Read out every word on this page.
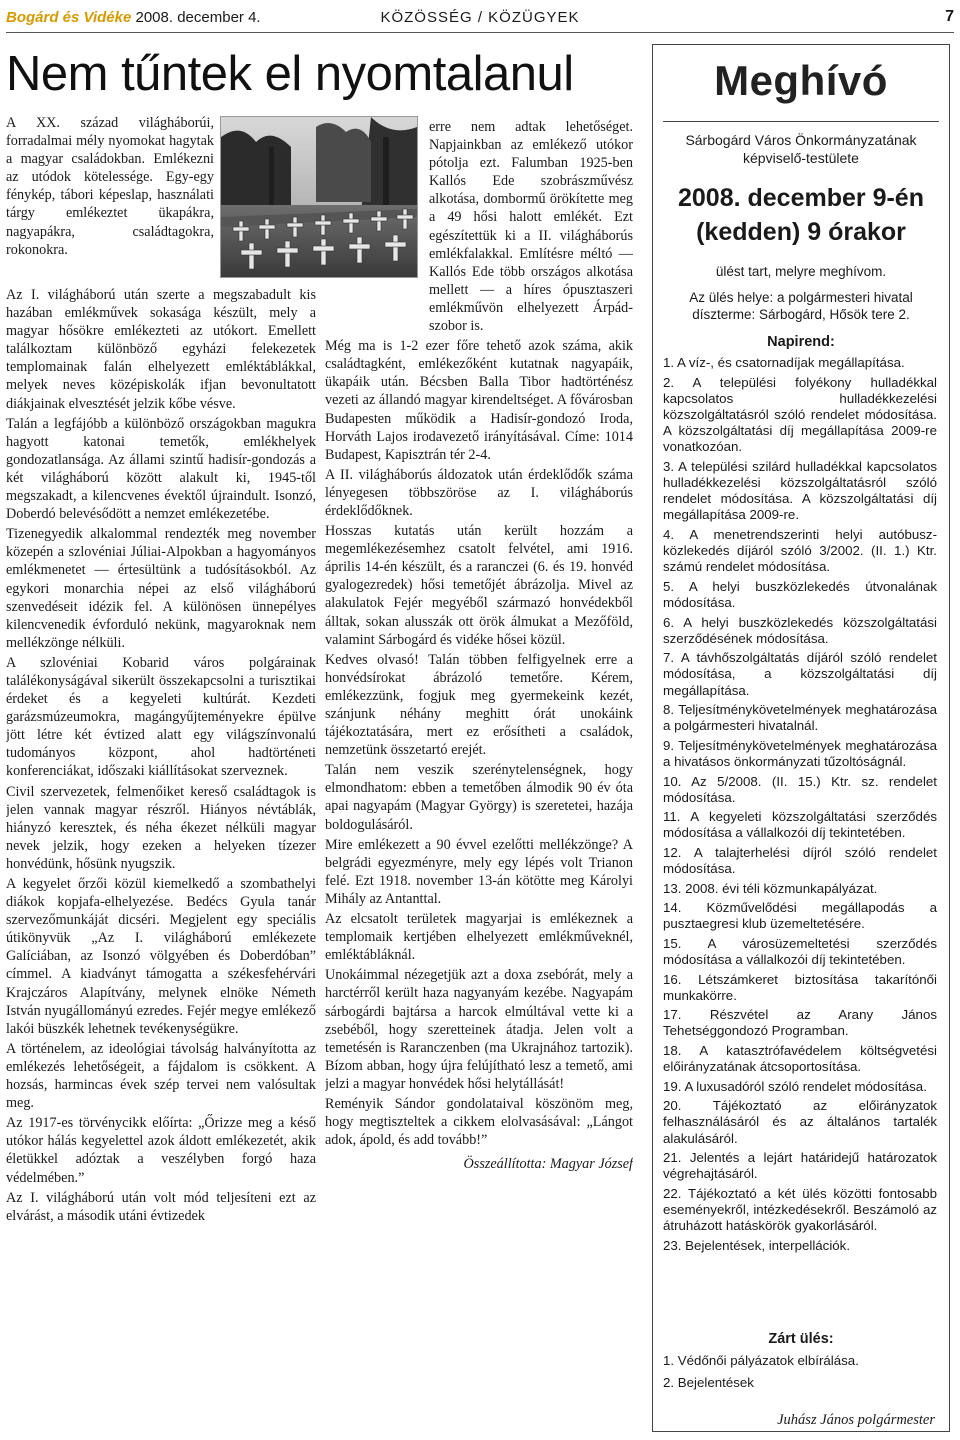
Bogárd és Vidéke 2008. december 4.	KÖZÖSSÉG / KÖZÜGYEK	7
Nem tűntek el nyomtalanul

A XX. század világháborúi, forradalmai mély nyomokat hagytak a magyar családokban. Emlékezni az utódok kötelessége. Egy-egy fénykép, tábori képeslap, használati tárgy emlékeztet ükapákra, nagyapákra, családtagokra, rokonokra.

Az I. világháború után szerte a megszabadult kis hazában emlékművek sokasága készült, mely a magyar hősökre emlékezteti az utókort. Emellett találkoztam különböző egyházi felekezetek templomainak falán elhelyezett emléktáblákkal, melyek neves középiskolák ifjan bevonultatott diákjainak elvesztését jelzik kőbe vésve.

Talán a legfájóbb a különböző országokban magukra hagyott katonai temetők, emlékhelyek gondozatlansága. Az állami szintű hadisír-gondozás a két világháború között alakult ki, 1945-től megszakadt, a kilencvenes évektől újraindult. Isonzó, Doberdó belevésődött a nemzet emlékezetébe.

Tizenegyedik alkalommal rendezték meg november közepén a szlovéniai Júliai-Alpokban a hagyományos emlékmenetet — értesültünk a tudósításokból. Az egykori monarchia népei az első világháború szenvedéseit idézik fel. A különösen ünnepélyes kilencvenedik évforduló nekünk, magyaroknak nem mellékzönge nélküli.

A szlovéniai Kobarid város polgárainak találékonyságával sikerült összekapcsolni a turisztikai érdeket és a kegyeleti kultúrát. Kezdeti garázsmúzeumokra, magángyűjteményekre épülve jött létre két évtized alatt egy világszínvonalú tudományos központ, ahol hadtörténeti konferenciákat, időszaki kiállításokat szerveznek.

Civil szervezetek, felmenőiket kereső családtagok is jelen vannak magyar részről. Hiányos névtáblák, hiányzó keresztek, és néha ékezet nélküli magyar nevek jelzik, hogy ezeken a helyeken tízezer honvédünk, hősünk nyugszik.

A kegyelet őrzői közül kiemelkedő a szombathelyi diákok kopjafa-elhelyezése. Bedécs Gyula tanár szervezőmunkáját dicséri. Megjelent egy speciális útikönyvük „Az I. világháború emlékezete Galíciában, az Isonzó völgyében és Doberdóban” címmel. A kiadványt támogatta a székesfehérvári Krajczáros Alapítvány, melynek elnöke Németh István nyugállományú ezredes. Fejér megye emlékező lakói büszkék lehetnek tevékenységükre.

A történelem, az ideológiai távolság halványította az emlékezés lehetőségeit, a fájdalom is csökkent. A hozsás, harmincas évek szép tervei nem valósultak meg.

Az 1917-es törvénycikk előírta: „Őrizze meg a késő utókor hálás kegyelettel azok áldott emlékezetét, akik életükkel adóztak a veszélyben forgó haza védelmében.”

Az I. világháború után volt mód teljesíteni ezt az elvárást, a második utáni évtizedek

erre nem adtak lehetőséget. Napjainkban az emlékező utókor pótolja ezt. Falumban 1925-ben Kallós Ede szobrászművész alkotása, dombormű örökítette meg a 49 hősi halott emlékét. Ezt egészítettük ki a II. világháborús emlékfalakkal. Említésre méltó — Kallós Ede több országos alkotása mellett — a híres ópusztaszeri emlékművön elhelyezett Árpád-szobor is.

Még ma is 1-2 ezer főre tehető azok száma, akik családtagként, emlékezőként kutatnak nagyapáik, ükapáik után. Bécsben Balla Tibor hadtörténész vezeti az állandó magyar kirendeltséget. A fővárosban Budapesten működik a Hadisír-gondozó Iroda, Horváth Lajos irodavezető irányításával. Címe: 1014 Budapest, Kapisztrán tér 2-4.

A II. világháborús áldozatok után érdeklődők száma lényegesen többszöröse az I. világháborús érdeklődőknek.

Hosszas kutatás után került hozzám a megemlékezésemhez csatolt felvétel, ami 1916. április 14-én készült, és a raranczei (6. és 19. honvéd gyalogezredek) hősi temetőjét ábrázolja. Mivel az alakulatok Fejér megyéből származó honvédekből álltak, sokan alusszák ott örök álmukat a Mezőföld, valamint Sárbogárd és vidéke hősei közül.

Kedves olvasó! Talán többen felfigyelnek erre a honvédsírokat ábrázoló temetőre. Kérem, emlékezzünk, fogjuk meg gyermekeink kezét, szánjunk néhány meghitt órát unokáink tájékoztatására, mert ez erősítheti a családok, nemzetünk összetartó erejét.

Talán nem veszik szerénytelenségnek, hogy elmondhatom: ebben a temetőben álmodik 90 év óta apai nagyapám (Magyar György) is szeretetei, hazája boldogulásáról.

Mire emlékezett a 90 évvel ezelőtti mellékzönge? A belgrádi egyezményre, mely egy lépés volt Trianon felé. Ezt 1918. november 13-án kötötte meg Károlyi Mihály az Antanttal.

Az elcsatolt területek magyarjai is emlékeznek a templomaik kertjében elhelyezett emlékműveknél, emléktábláknál.

Unokáimmal nézegetjük azt a doxa zsebórát, mely a harctérről került haza nagyanyám kezébe. Nagyapám sárbogárdi bajtársa a harcok elmúltával vette ki a zsebéből, hogy szeretteinek átadja. Jelen volt a temetésén is Raranczenben (ma Ukrajnához tartozik). Bízom abban, hogy újra felújítható lesz a temető, ami jelzi a magyar honvédek hősi helytállását!

Reményik Sándor gondolataival köszönöm meg, hogy megtiszteltek a cikkem elolvasásával: „Lángot adok, ápold, és add tovább!”

Összeállította: Magyar József

Meghívó
Sárbogárd Város Önkormányzatának képviselő-testülete
2008. december 9-én (kedden) 9 órakor
ülést tart, melyre meghívom.
Az ülés helye: a polgármesteri hivatal díszterme: Sárbogárd, Hősök tere 2.
Napirend:
1. A víz-, és csatornadíjak megállapítása.
2. A települési folyékony hulladékkal kapcsolatos hulladékkezelési közszolgáltatásról szóló rendelet módosítása. A közszolgáltatási díj megállapítása 2009-re vonatkozóan.
3. A települési szilárd hulladékkal kapcsolatos hulladékkezelési közszolgáltatásról szóló rendelet módosítása. A közszolgáltatási díj megállapítása 2009-re.
4. A menetrendszerinti helyi autóbusz-közlekedés díjáról szóló 3/2002. (II. 1.) Ktr. számú rendelet módosítása.
5. A helyi buszközlekedés útvonalának módosítása.
6. A helyi buszközlekedés közszolgáltatási szerződésének módosítása.
7. A távhőszolgáltatás díjáról szóló rendelet módosítása, a közszolgáltatási díj megállapítása.
8. Teljesítménykövetelmények meghatározása a polgármesteri hivatalnál.
9. Teljesítménykövetelmények meghatározása a hivatásos önkormányzati tűzoltóságnál.
10. Az 5/2008. (II. 15.) Ktr. sz. rendelet módosítása.
11. A kegyeleti közszolgáltatási szerződés módosítása a vállalkozói díj tekintetében.
12. A talajterhelési díjról szóló rendelet módosítása.
13. 2008. évi téli közmunkapályázat.
14. Közművelődési megállapodás a pusztaegresi klub üzemeltetésére.
15. A városüzemeltetési szerződés módosítása a vállalkozói díj tekintetében.
16. Létszámkeret biztosítása takarítónői munkakörre.
17. Részvétel az Arany János Tehetséggondozó Programban.
18. A katasztrófavédelem költségvetési előirányzatának átcsoportosítása.
19. A luxusadóról szóló rendelet módosítása.
20. Tájékoztató az előirányzatok felhasználásáról és az általános tartalék alakulásáról.
21. Jelentés a lejárt határidejű határozatok végrehajtásáról.
22. Tájékoztató a két ülés közötti fontosabb eseményekről, intézkedésekről. Beszámoló az átruházott hatáskörök gyakorlásáról.
23. Bejelentések, interpellációk.
Zárt ülés:
1. Védőnői pályázatok elbírálása.
2. Bejelentések
Juhász János polgármester
